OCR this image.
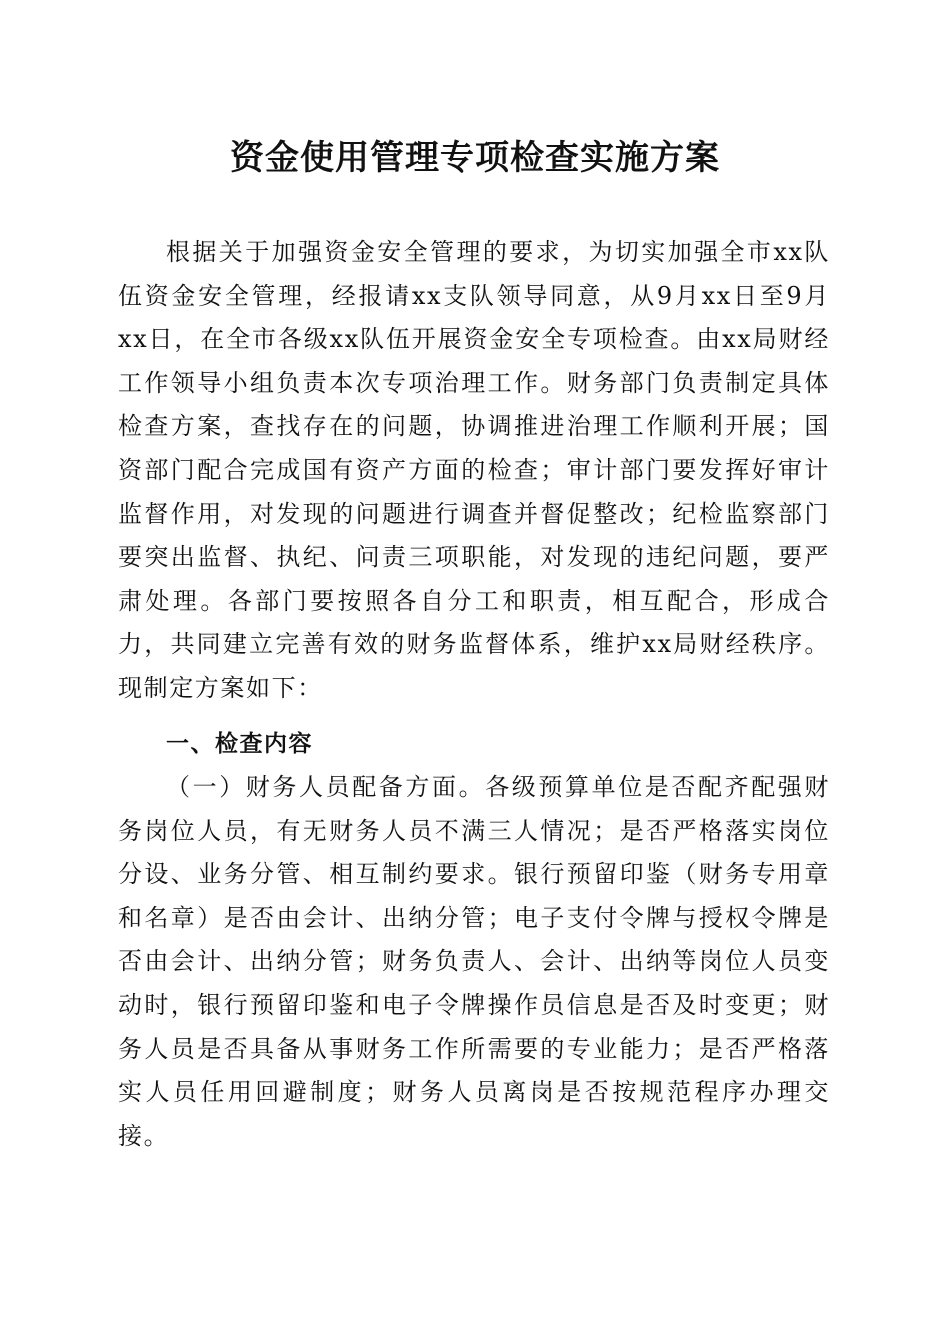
资金使用管理专项检查实施方案

根据关于加强资金安全管理的要求，为切实加强全市xx队伍资金安全管理，经报请xx支队领导同意，从9月xx日至9月xx日，在全市各级xx队伍开展资金安全专项检查。由xx局财经工作领导小组负责本次专项治理工作。财务部门负责制定具体检查方案，查找存在的问题，协调推进治理工作顺利开展；国资部门配合完成国有资产方面的检查；审计部门要发挥好审计监督作用，对发现的问题进行调查并督促整改；纪检监察部门要突出监督、执纪、问责三项职能，对发现的违纪问题，要严肃处理。各部门要按照各自分工和职责，相互配合，形成合力，共同建立完善有效的财务监督体系，维护xx局财经秩序。现制定方案如下：

一、检查内容

（一）财务人员配备方面。各级预算单位是否配齐配强财务岗位人员，有无财务人员不满三人情况；是否严格落实岗位分设、业务分管、相互制约要求。银行预留印鉴（财务专用章和名章）是否由会计、出纳分管；电子支付令牌与授权令牌是否由会计、出纳分管；财务负责人、会计、出纳等岗位人员变动时，银行预留印鉴和电子令牌操作员信息是否及时变更；财务人员是否具备从事财务工作所需要的专业能力；是否严格落实人员任用回避制度；财务人员离岗是否按规范程序办理交接。
